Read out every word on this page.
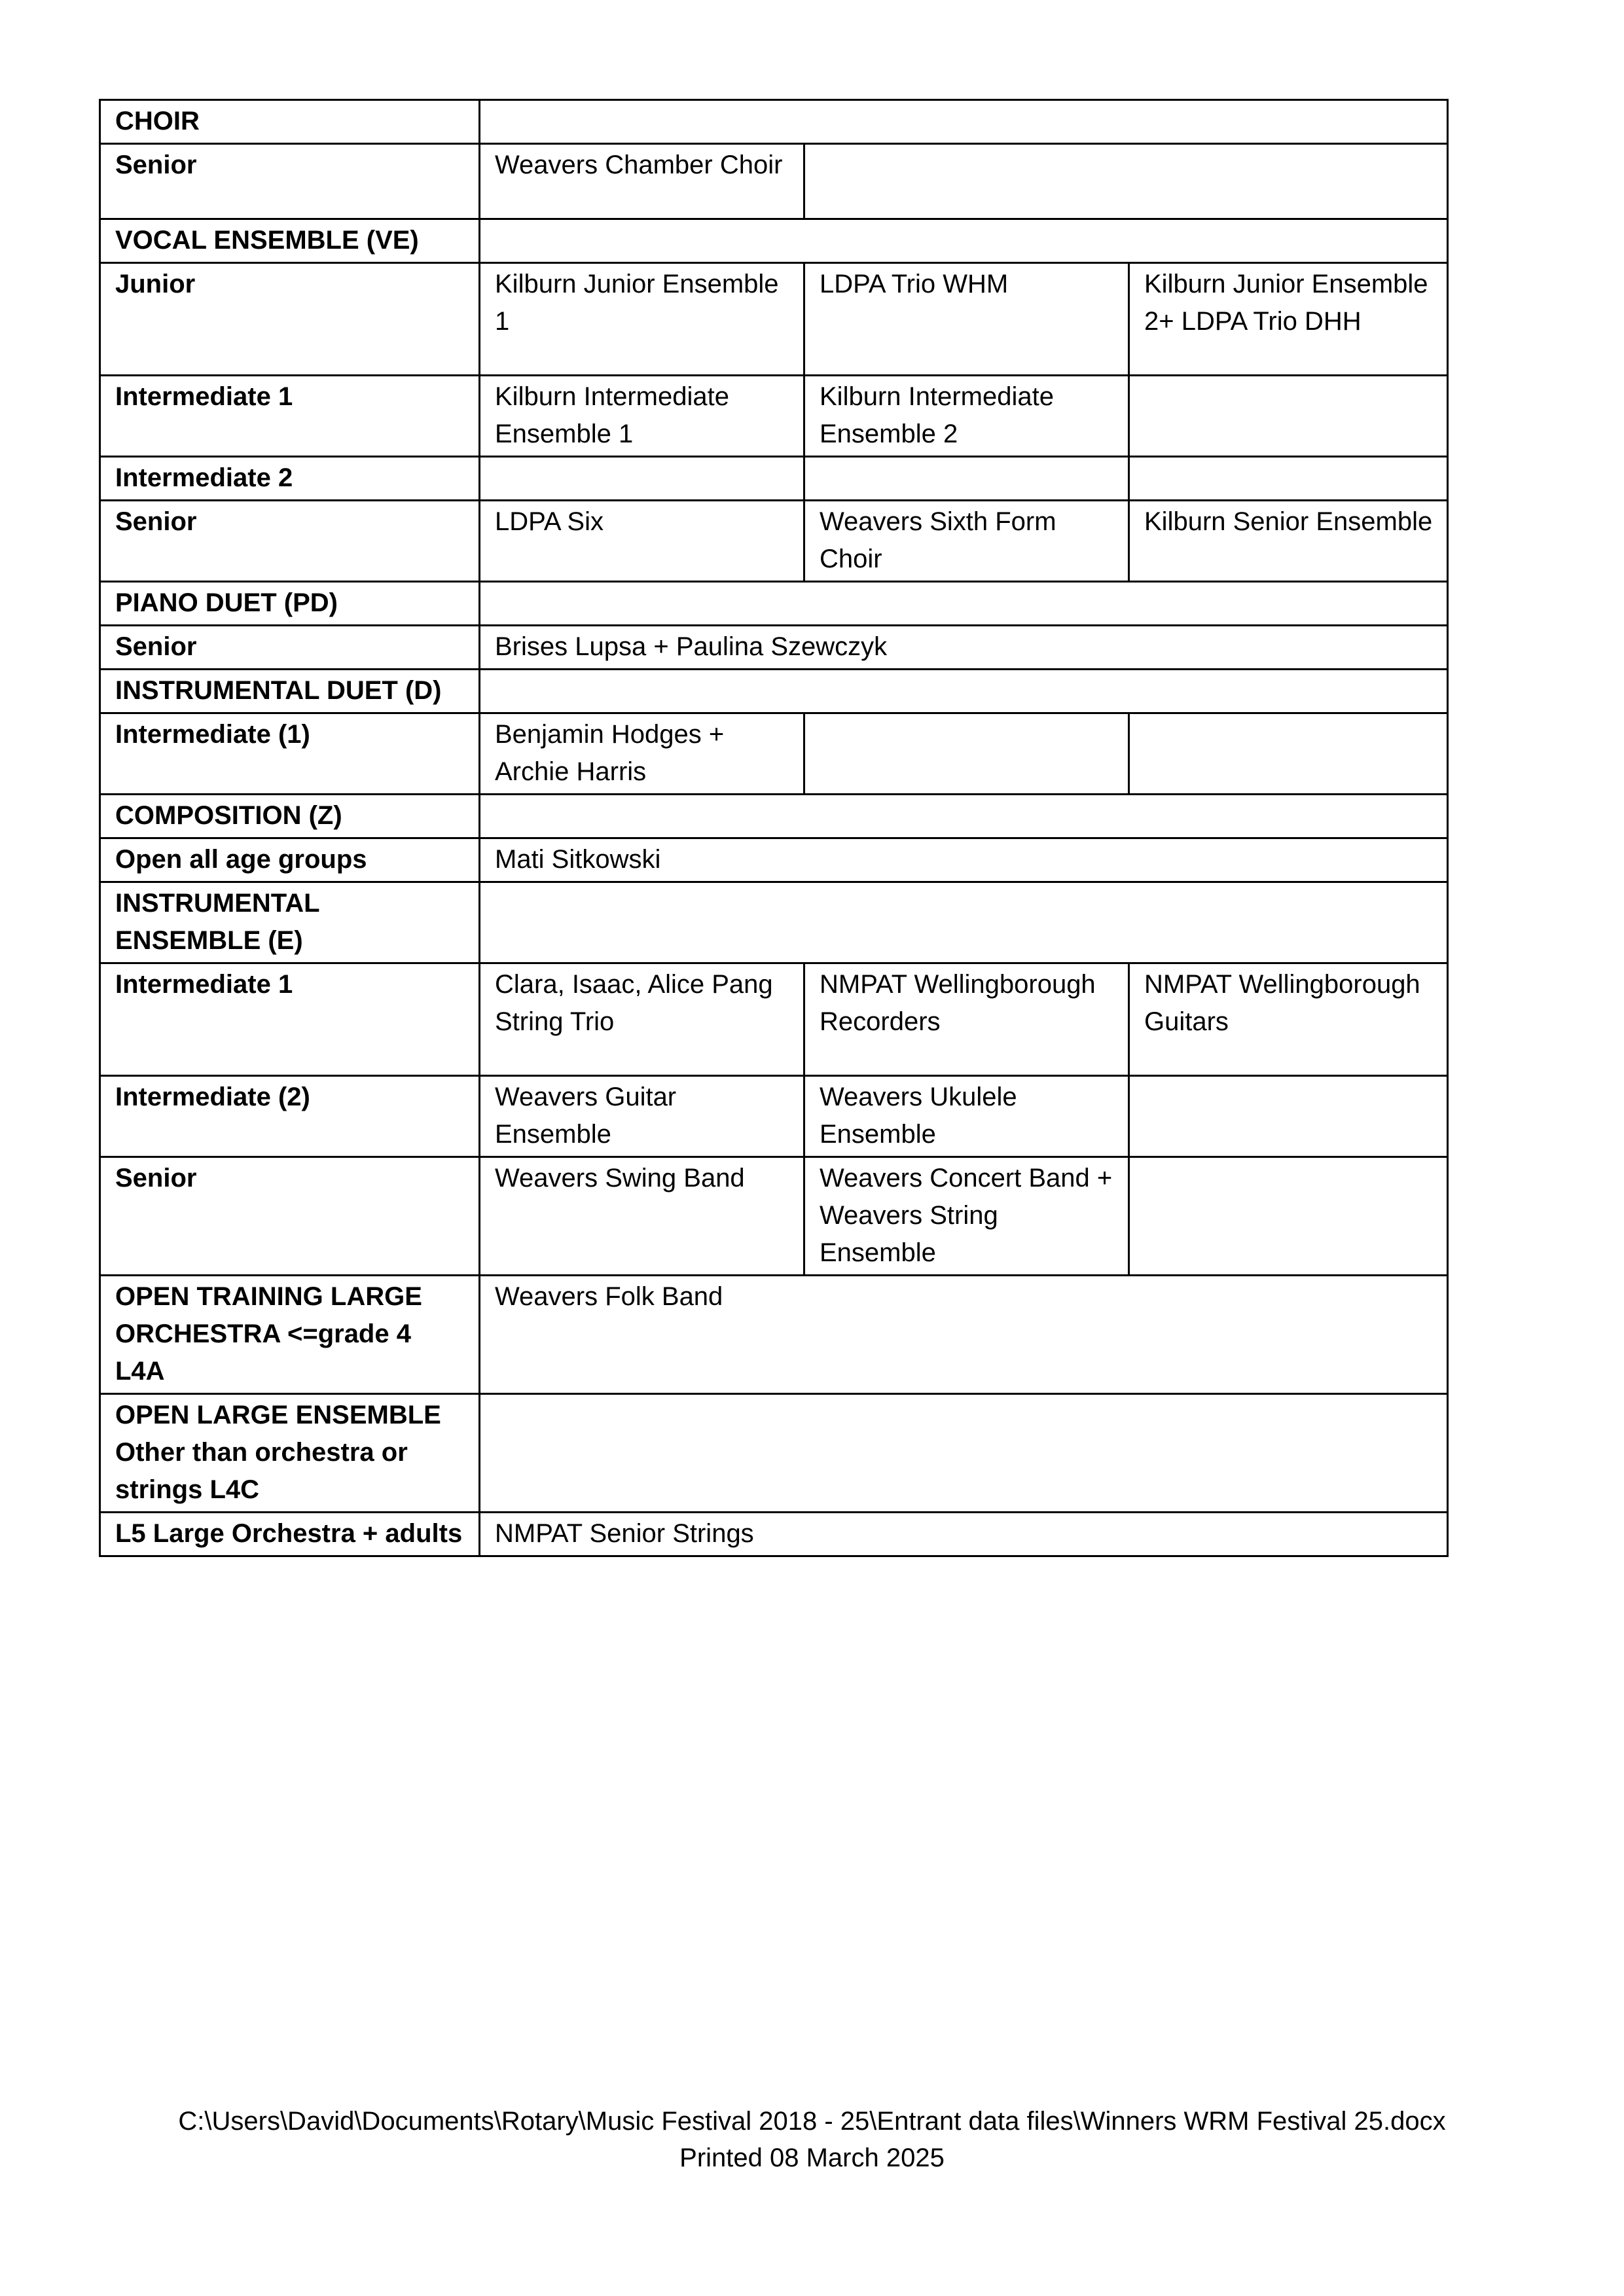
CHOIR			
Senior	Weavers Chamber Choir		
VOCAL ENSEMBLE (VE)			
Junior	Kilburn Junior Ensemble 1	LDPA Trio WHM	Kilburn Junior Ensemble 2+ LDPA Trio DHH
Intermediate 1	Kilburn Intermediate Ensemble 1	Kilburn Intermediate Ensemble 2	
Intermediate 2			
Senior	LDPA Six	Weavers Sixth Form Choir	Kilburn Senior Ensemble
PIANO DUET (PD)			
Senior	Brises Lupsa + Paulina Szewczyk		
INSTRUMENTAL DUET (D)			
Intermediate (1)	Benjamin Hodges + Archie Harris		
COMPOSITION (Z)			
Open all age groups	Mati Sitkowski		
INSTRUMENTAL ENSEMBLE (E)			
Intermediate 1	Clara, Isaac, Alice Pang String Trio	NMPAT Wellingborough Recorders	NMPAT Wellingborough Guitars
Intermediate (2)	Weavers Guitar Ensemble	Weavers Ukulele Ensemble	
Senior	Weavers Swing Band	Weavers Concert Band + Weavers String Ensemble	
OPEN TRAINING LARGE ORCHESTRA <=grade 4 L4A	Weavers Folk Band		
OPEN LARGE ENSEMBLE Other than orchestra or strings L4C			
L5 Large Orchestra + adults	NMPAT Senior Strings		
C:\Users\David\Documents\Rotary\Music Festival 2018 - 25\Entrant data files\Winners WRM Festival 25.docx
Printed 08 March 2025
